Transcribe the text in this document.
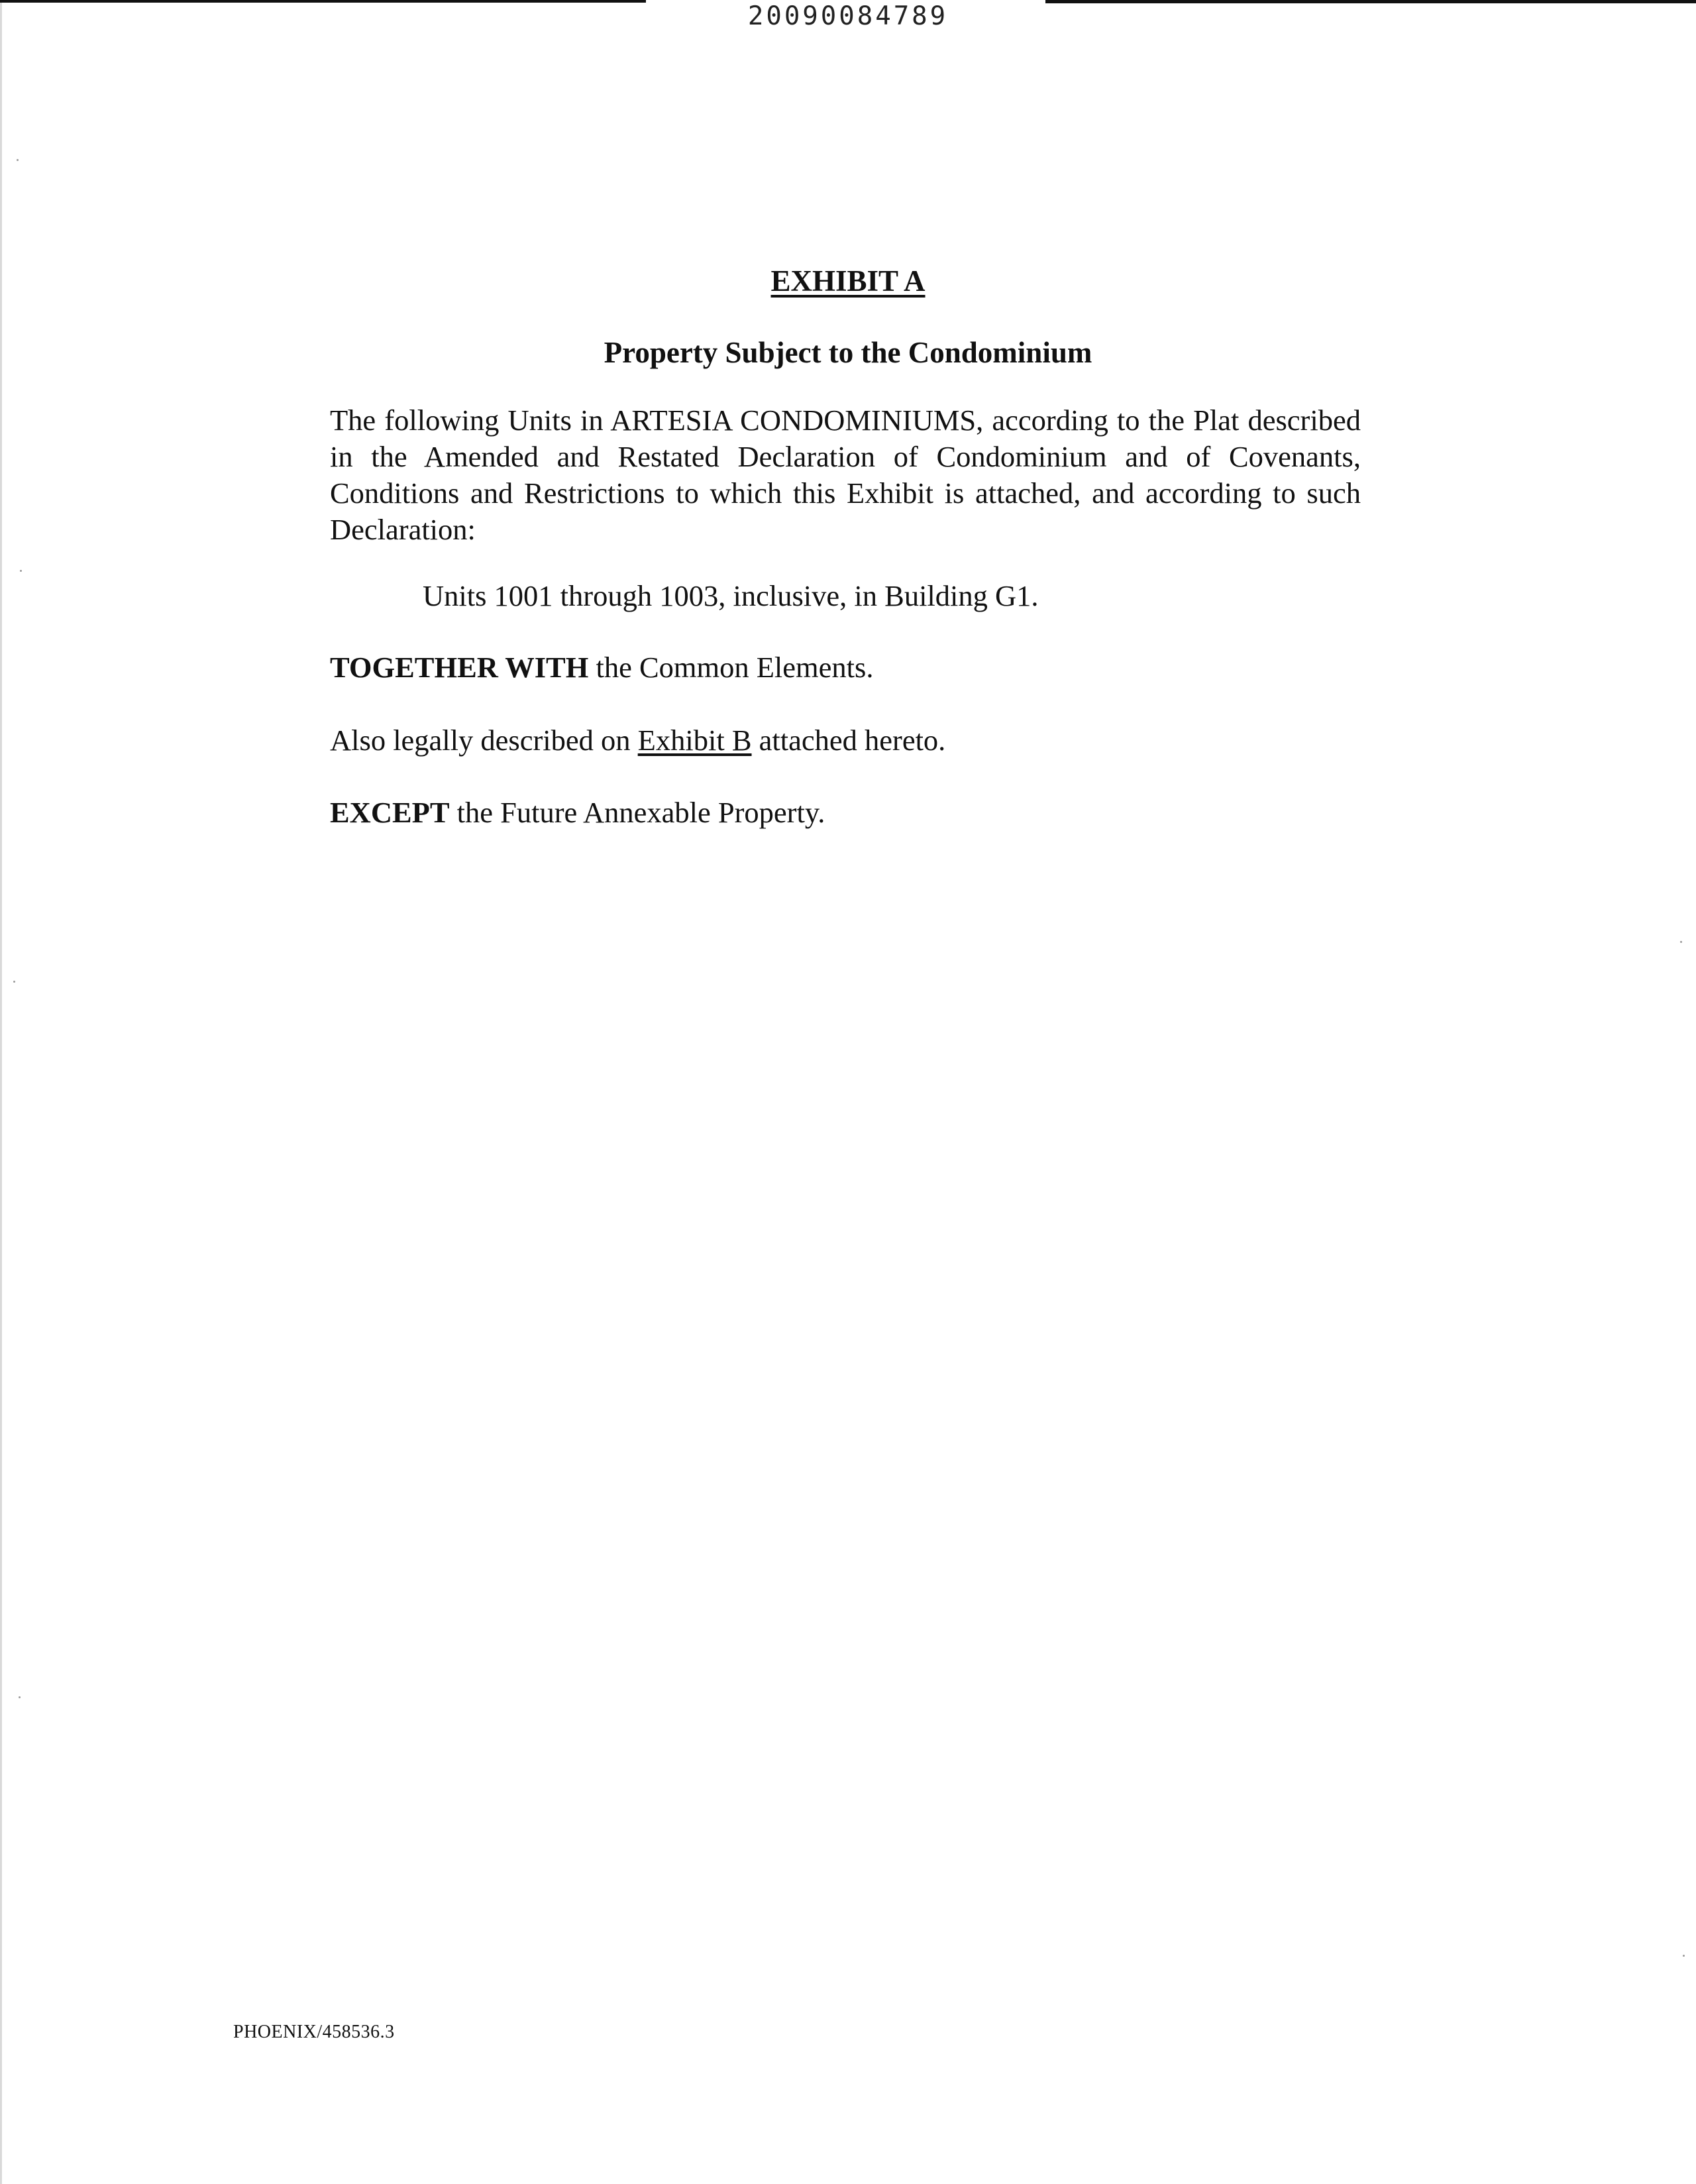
20090084789
EXHIBIT A
Property Subject to the Condominium
The following Units in ARTESIA CONDOMINIUMS, according to the Plat described in the Amended and Restated Declaration of Condominium and of Covenants, Conditions and Restrictions to which this Exhibit is attached, and according to such Declaration:
Units 1001 through 1003, inclusive, in Building G1.
TOGETHER WITH the Common Elements.
Also legally described on Exhibit B attached hereto.
EXCEPT the Future Annexable Property.
PHOENIX/458536.3
